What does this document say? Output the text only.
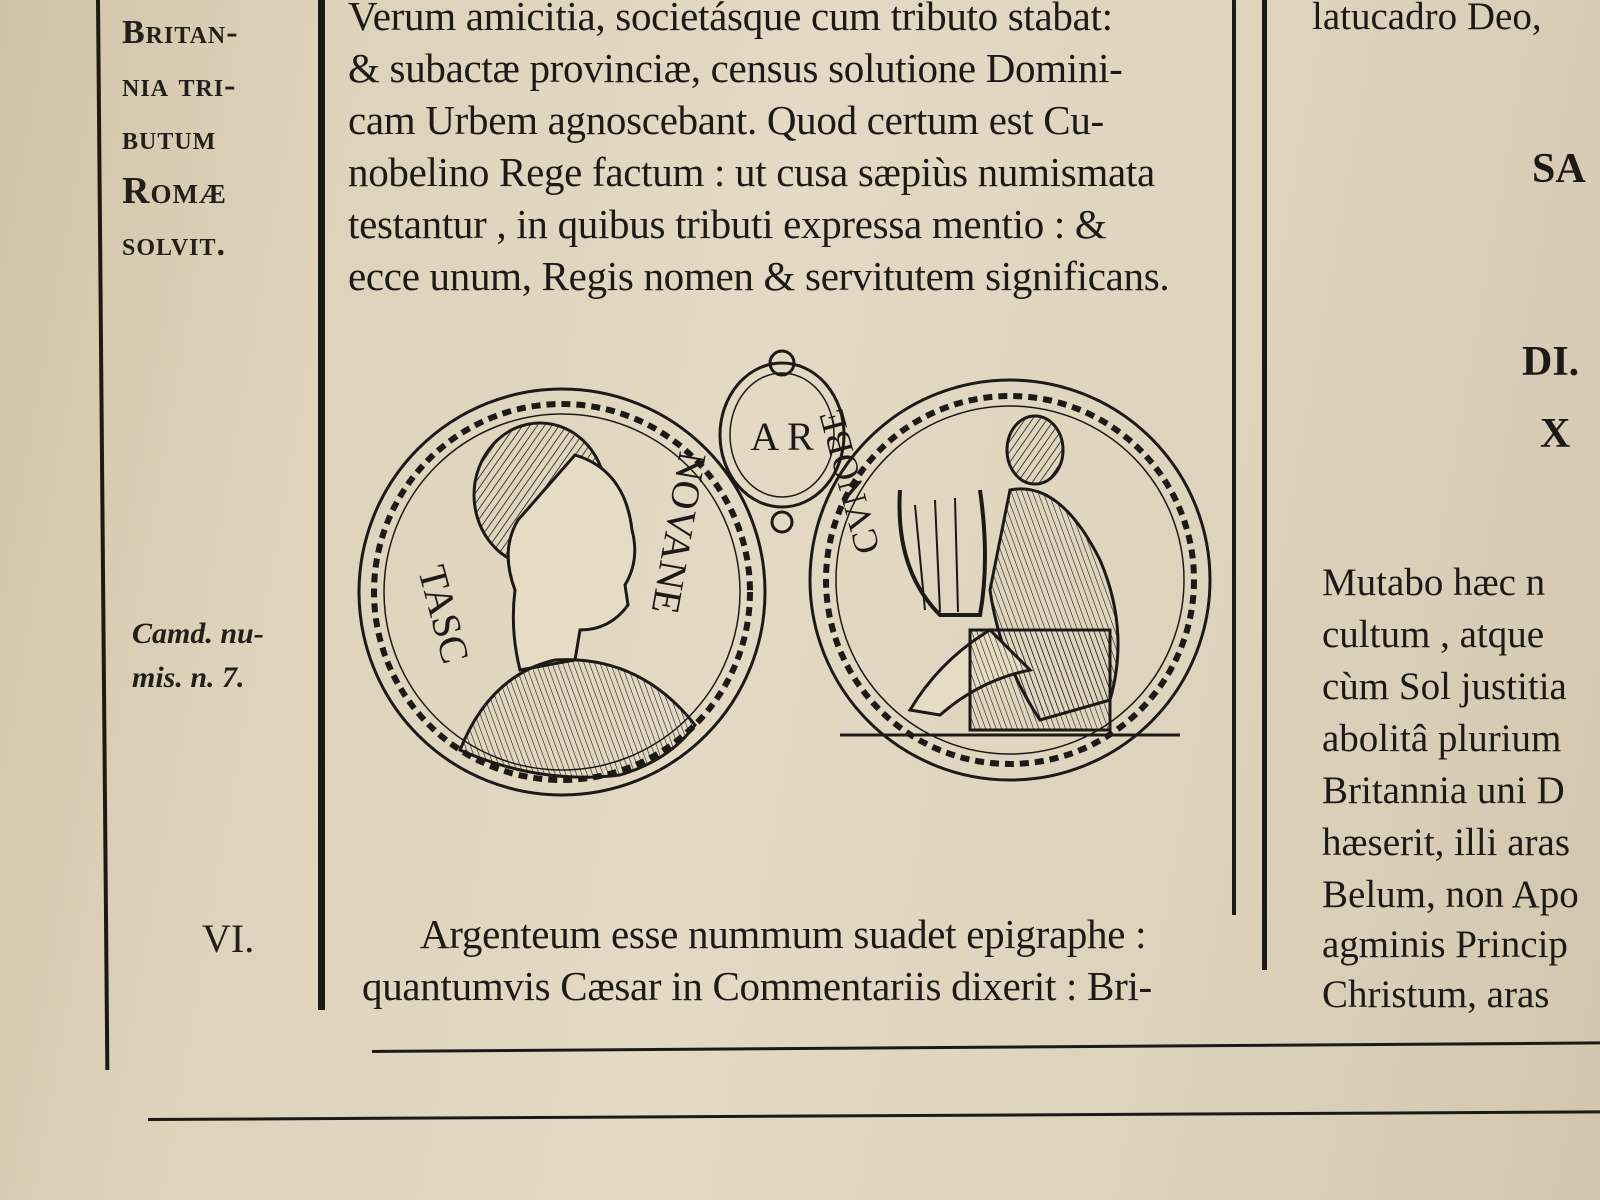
Britan-
nia tri-
butum
Romæ
solvit.
Camd. nu-
mis. n. 7.
VI.
Verum amicitia, societásque cum tributo stabat:
& subactæ provinciæ, census solutione Domini-
cam Urbem agnoscebant. Quod certum est Cu-
nobelino Rege factum : ut cusa sæpiùs numismata
testantur , in quibus tributi expressa mentio : &
ecce unum, Regis nomen & servitutem significans.
TASC	NOVANE
A R
CVNOBE
Argenteum esse nummum suadet epigraphe :
quantumvis Cæsar in Commentariis dixerit : Bri-
latucadro Deo,
SA
DI.
X
Mutabo hæc n
cultum , atque
cùm Sol justitia
abolitâ plurium
Britannia uni D
hæserit, illi aras
Belum, non Apo
agminis Princip
Christum, aras
